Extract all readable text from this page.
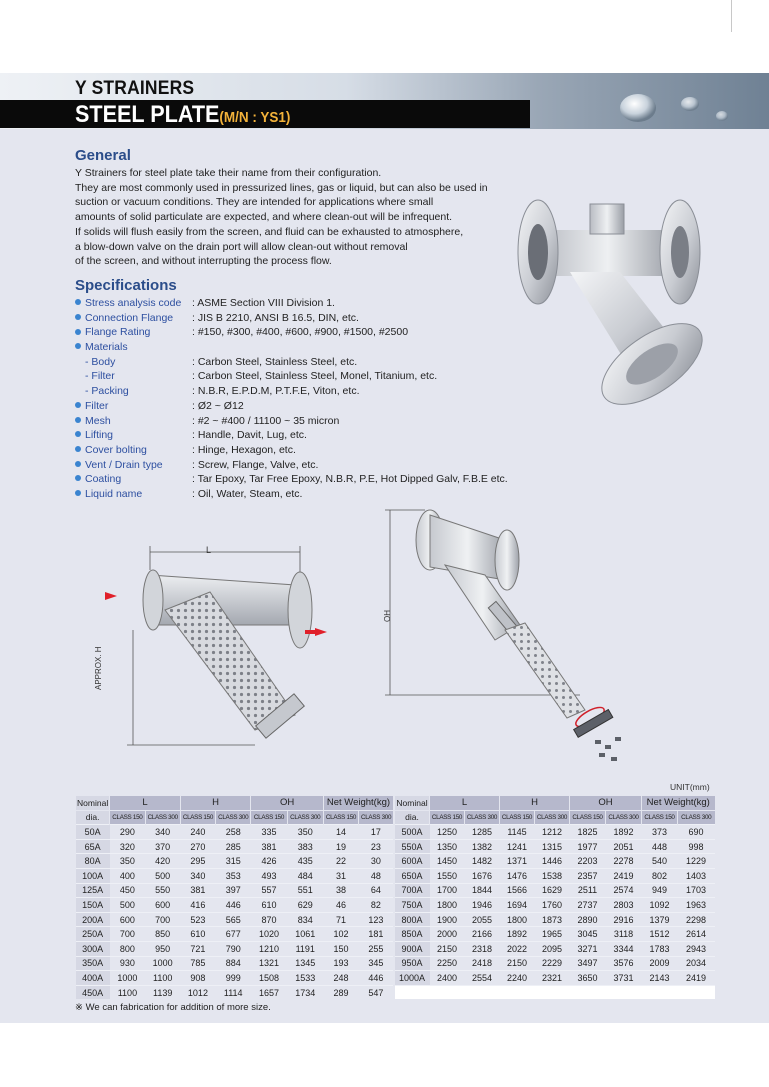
Y STRAINERS
STEEL PLATE(M/N : YS1)
General
Y Strainers for steel plate take their name from their configuration.
They are most commonly used in pressurized lines, gas or liquid, but can also be used in
suction or vacuum conditions. They are intended for applications where small
amounts of solid particulate are expected, and where clean-out will be infrequent.
If solids will flush easily from the screen, and fluid can be exhausted to atmosphere,
a blow-down valve on the drain port will allow clean-out without removal
of the screen, and without interrupting the process flow.
Specifications
Stress analysis code : ASME Section VIII Division 1.
Connection Flange : JIS B 2210, ANSI B 16.5, DIN, etc.
Flange Rating	: #150, #300, #400, #600, #900, #1500, #2500
Materials
- Body	: Carbon Steel, Stainless Steel, etc.
- Filter	: Carbon Steel, Stainless Steel, Monel, Titanium, etc.
- Packing	: N.B.R, E.P.D.M, P.T.F.E, Viton, etc.
Filter	: Ø2 ~ Ø12
Mesh	: #2 ~ #400 / 11100 ~ 35 micron
Lifting	: Handle, Davit, Lug, etc.
Cover bolting	: Hinge, Hexagon, etc.
Vent / Drain type	: Screw, Flange, Valve, etc.
Coating	: Tar Epoxy, Tar Free Epoxy, N.B.R, P.E, Hot Dipped Galv, F.B.E etc.
Liquid name	: Oil, Water, Steam, etc.
L
APPROX. H
OH
UNIT(mm)
Nominal	L		H		OH		Net Weight(kg)	
dia.	CLASS 150	CLASS 300	CLASS 150	CLASS 300	CLASS 150	CLASS 300	CLASS 150	CLASS 300
50A	290	340	240	258	335	350	14	17
65A	320	370	270	285	381	383	19	23
80A	350	420	295	315	426	435	22	30
100A	400	500	340	353	493	484	31	48
125A	450	550	381	397	557	551	38	64
150A	500	600	416	446	610	629	46	82
200A	600	700	523	565	870	834	71	123
250A	700	850	610	677	1020	1061	102	181
300A	800	950	721	790	1210	1191	150	255
350A	930	1000	785	884	1321	1345	193	345
400A	1000	1100	908	999	1508	1533	248	446
450A	1100	1139	1012	1114	1657	1734	289	547
Nominal	L		H		OH		Net Weight(kg)	
dia.	CLASS 150	CLASS 300	CLASS 150	CLASS 300	CLASS 150	CLASS 300	CLASS 150	CLASS 300
500A	1250	1285	1145	1212	1825	1892	373	690
550A	1350	1382	1241	1315	1977	2051	448	998
600A	1450	1482	1371	1446	2203	2278	540	1229
650A	1550	1676	1476	1538	2357	2419	802	1403
700A	1700	1844	1566	1629	2511	2574	949	1703
750A	1800	1946	1694	1760	2737	2803	1092	1963
800A	1900	2055	1800	1873	2890	2916	1379	2298
850A	2000	2166	1892	1965	3045	3118	1512	2614
900A	2150	2318	2022	2095	3271	3344	1783	2943
950A	2250	2418	2150	2229	3497	3576	2009	2034
1000A	2400	2554	2240	2321	3650	3731	2143	2419

※ We can fabrication for addition of more size.
